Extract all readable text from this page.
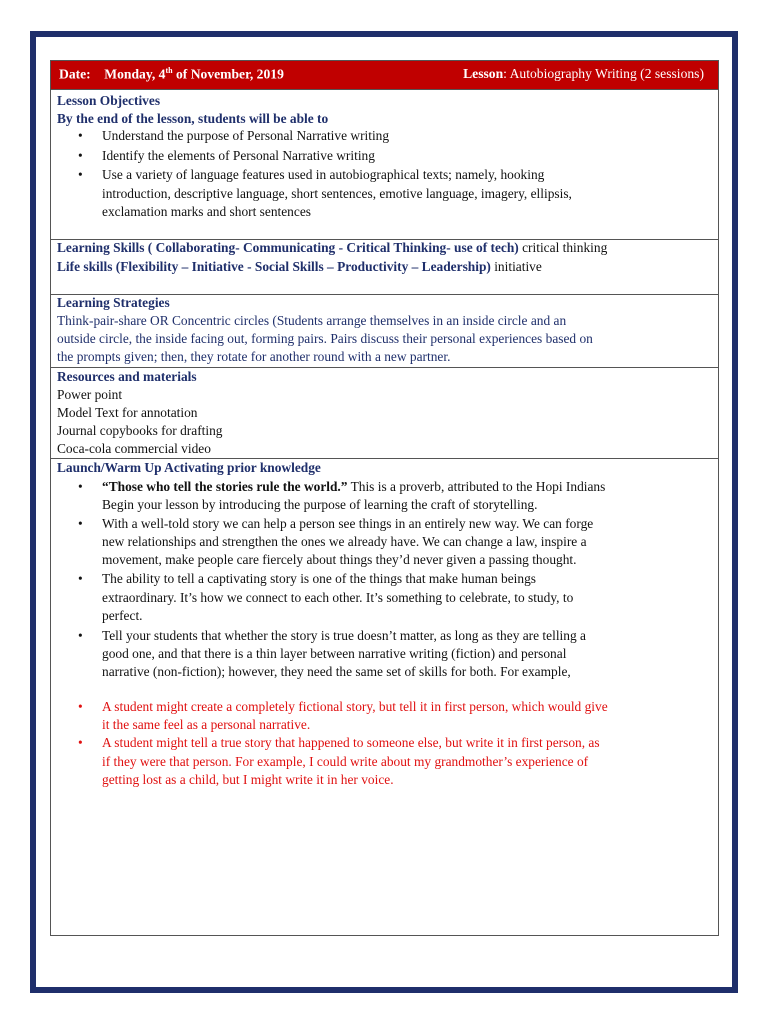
Date: Monday, 4th of November, 2019	Lesson: Autobiography Writing (2 sessions)
Lesson Objectives
By the end of the lesson, students will be able to
• Understand the purpose of Personal Narrative writing
• Identify the elements of Personal Narrative writing
• Use a variety of language features used in autobiographical texts; namely, hooking
introduction, descriptive language, short sentences, emotive language, imagery, ellipsis,
exclamation marks and short sentences
Learning Skills ( Collaborating- Communicating - Critical Thinking- use of tech) critical thinking
Life skills (Flexibility – Initiative - Social Skills – Productivity – Leadership) initiative
Learning Strategies
Think-pair-share OR Concentric circles (Students arrange themselves in an inside circle and an
outside circle, the inside facing out, forming pairs. Pairs discuss their personal experiences based on
the prompts given; then, they rotate for another round with a new partner.
Resources and materials
Power point
Model Text for annotation
Journal copybooks for drafting
Coca-cola commercial video
Launch/Warm Up Activating prior knowledge
• “Those who tell the stories rule the world.” This is a proverb, attributed to the Hopi Indians
Begin your lesson by introducing the purpose of learning the craft of storytelling.
• With a well-told story we can help a person see things in an entirely new way. We can forge
new relationships and strengthen the ones we already have. We can change a law, inspire a
movement, make people care fiercely about things they’d never given a passing thought.
• The ability to tell a captivating story is one of the things that make human beings
extraordinary. It’s how we connect to each other. It’s something to celebrate, to study, to
perfect.
• Tell your students that whether the story is true doesn’t matter, as long as they are telling a
good one, and that there is a thin layer between narrative writing (fiction) and personal
narrative (non-fiction); however, they need the same set of skills for both. For example,
• A student might create a completely fictional story, but tell it in first person, which would give
it the same feel as a personal narrative.
• A student might tell a true story that happened to someone else, but write it in first person, as
if they were that person. For example, I could write about my grandmother’s experience of
getting lost as a child, but I might write it in her voice.
